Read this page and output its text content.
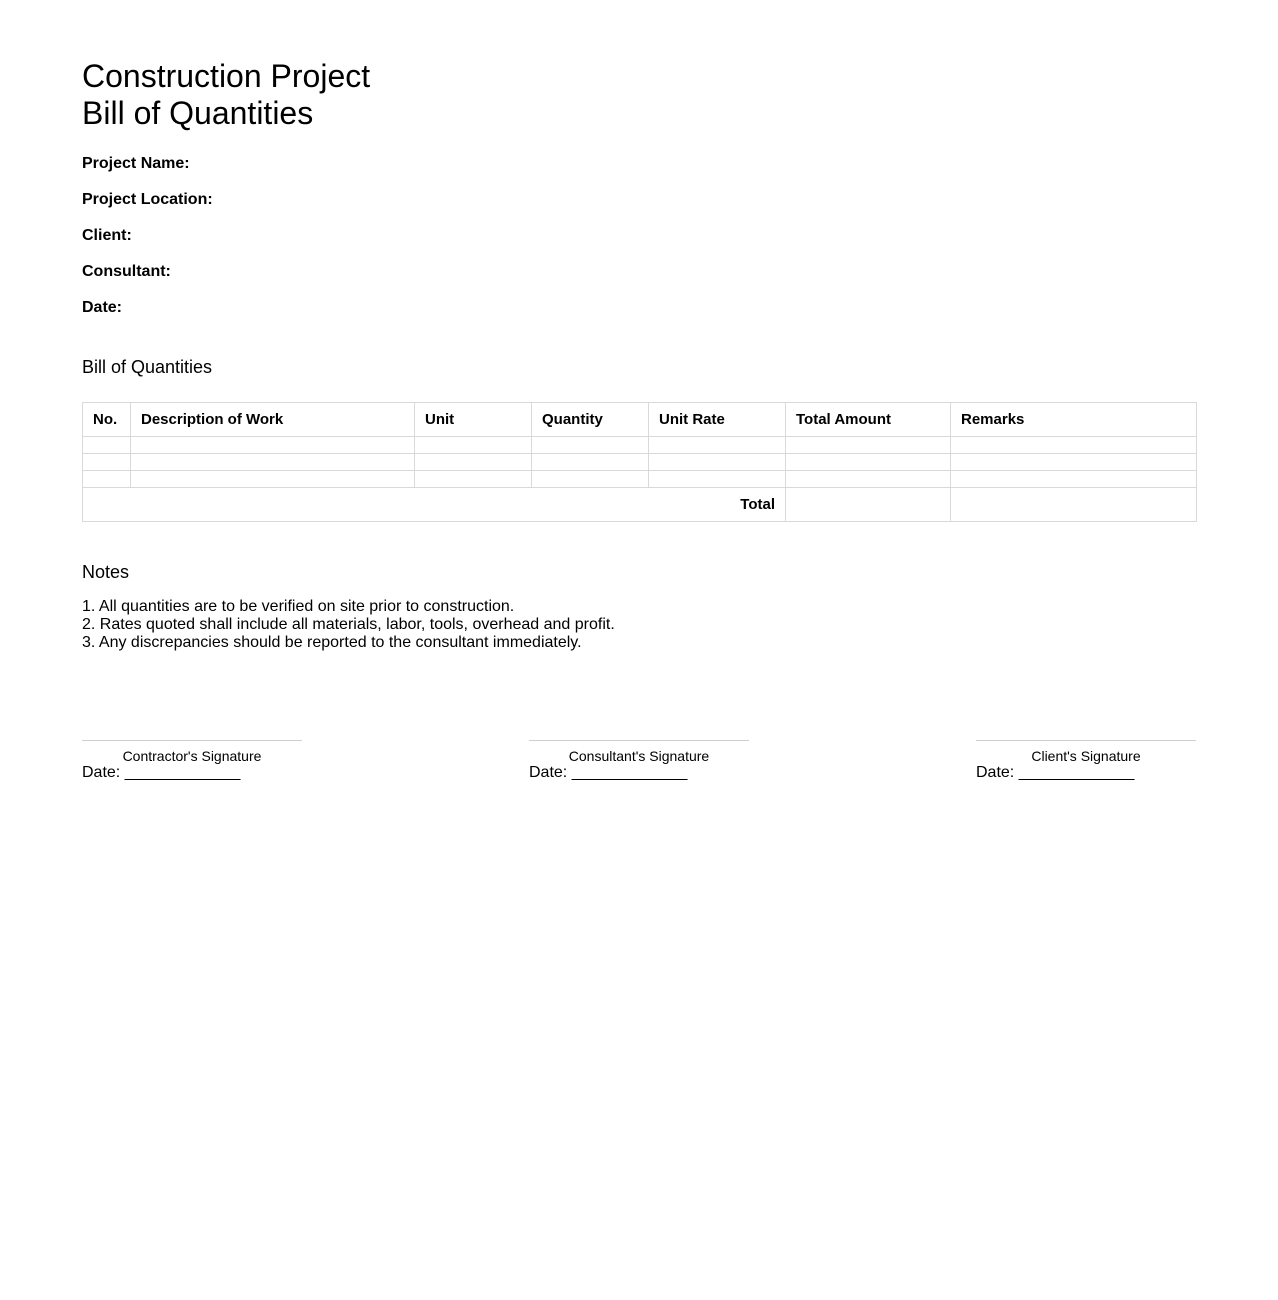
Construction Project
Bill of Quantities
Project Name:
Project Location:
Client:
Consultant:
Date:
Bill of Quantities
No.	Description of Work	Unit	Quantity	Unit Rate	Total Amount	Remarks

Total						
Notes
1. All quantities are to be verified on site prior to construction.
2. Rates quoted shall include all materials, labor, tools, overhead and profit.
3. Any discrepancies should be reported to the consultant immediately.
Contractor's Signature
Date: _____________
Consultant's Signature
Date: _____________
Client's Signature
Date: _____________
